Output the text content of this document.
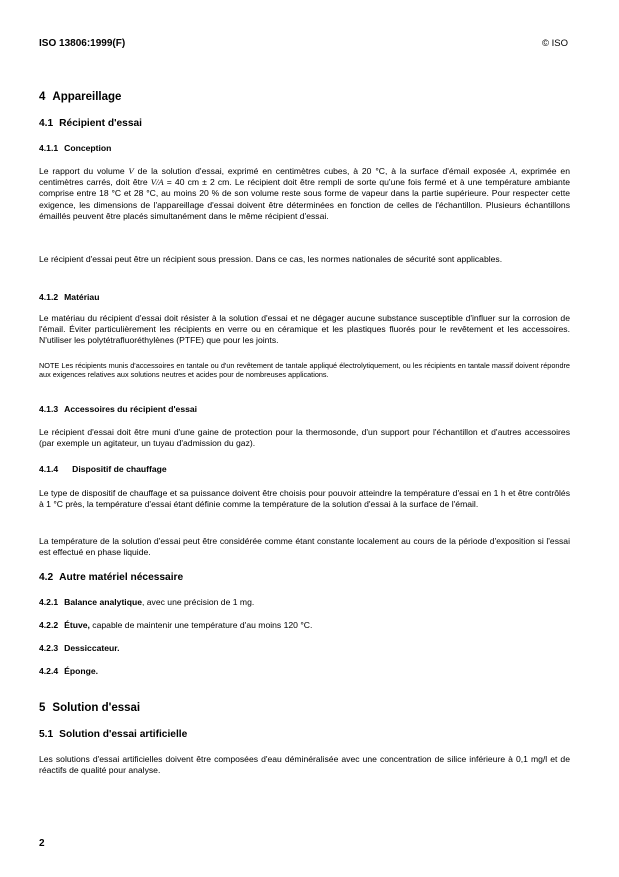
ISO 13806:1999(F)	© ISO
4 Appareillage
4.1 Récipient d'essai
4.1.1 Conception
Le rapport du volume V de la solution d'essai, exprimé en centimètres cubes, à 20 °C, à la surface d'émail exposée A, exprimée en centimètres carrés, doit être V/A = 40 cm ± 2 cm. Le récipient doit être rempli de sorte qu'une fois fermé et à une température ambiante comprise entre 18 °C et 28 °C, au moins 20 % de son volume reste sous forme de vapeur dans la partie supérieure. Pour respecter cette exigence, les dimensions de l'appareillage d'essai doivent être déterminées en fonction de celles de l'échantillon. Plusieurs échantillons émaillés peuvent être placés simultanément dans le même récipient d'essai.
Le récipient d'essai peut être un récipient sous pression. Dans ce cas, les normes nationales de sécurité sont applicables.
4.1.2 Matériau
Le matériau du récipient d'essai doit résister à la solution d'essai et ne dégager aucune substance susceptible d'influer sur la corrosion de l'émail. Éviter particulièrement les récipients en verre ou en céramique et les plastiques fluorés pour le revêtement et les accessoires. N'utiliser les polytétrafluoréthylènes (PTFE) que pour les joints.
NOTE Les récipients munis d'accessoires en tantale ou d'un revêtement de tantale appliqué électrolytiquement, ou les récipients en tantale massif doivent répondre aux exigences relatives aux solutions neutres et acides pour de nombreuses applications.
4.1.3 Accessoires du récipient d'essai
Le récipient d'essai doit être muni d'une gaine de protection pour la thermosonde, d'un support pour l'échantillon et d'autres accessoires (par exemple un agitateur, un tuyau d'admission du gaz).
4.1.4 Dispositif de chauffage
Le type de dispositif de chauffage et sa puissance doivent être choisis pour pouvoir atteindre la température d'essai en 1 h et être contrôlés à 1 °C près, la température d'essai étant définie comme la température de la solution d'essai à la surface de l'émail.
La température de la solution d'essai peut être considérée comme étant constante localement au cours de la période d'exposition si l'essai est effectué en phase liquide.
4.2 Autre matériel nécessaire
4.2.1 Balance analytique, avec une précision de 1 mg.
4.2.2 Étuve, capable de maintenir une température d'au moins 120 °C.
4.2.3 Dessiccateur.
4.2.4 Éponge.
5 Solution d'essai
5.1 Solution d'essai artificielle
Les solutions d'essai artificielles doivent être composées d'eau déminéralisée avec une concentration de silice inférieure à 0,1 mg/l et de réactifs de qualité pour analyse.
2
